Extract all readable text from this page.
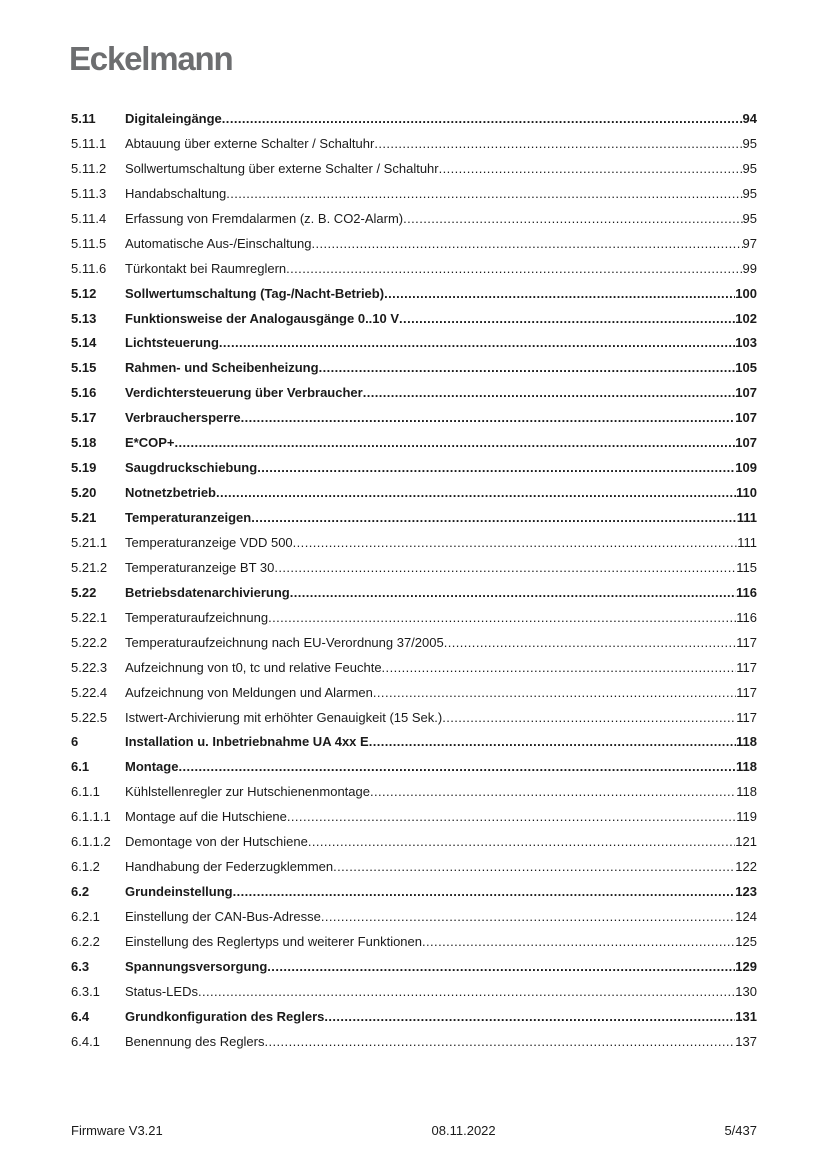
Eckelmann
5.11	Digitaleingänge .....	94
5.11.1	Abtauung über externe Schalter / Schaltuhr .....	95
5.11.2	Sollwertumschaltung über externe Schalter / Schaltuhr .....	95
5.11.3	Handabschaltung .....	95
5.11.4	Erfassung von Fremdalarmen (z. B. CO2-Alarm) .....	95
5.11.5	Automatische Aus-/Einschaltung .....	97
5.11.6	Türkontakt bei Raumreglern .....	99
5.12	Sollwertumschaltung (Tag-/Nacht-Betrieb) .....	100
5.13	Funktionsweise der Analogausgänge 0..10 V .....	102
5.14	Lichtsteuerung .....	103
5.15	Rahmen- und Scheibenheizung .....	105
5.16	Verdichtersteuerung über Verbraucher .....	107
5.17	Verbrauchersperre .....	107
5.18	E*COP+ .....	107
5.19	Saugdruckschiebung .....	109
5.20	Notnetzbetrieb .....	110
5.21	Temperaturanzeigen .....	111
5.21.1	Temperaturanzeige VDD 500 .....	111
5.21.2	Temperaturanzeige BT 30 .....	115
5.22	Betriebsdatenarchivierung .....	116
5.22.1	Temperaturaufzeichnung .....	116
5.22.2	Temperaturaufzeichnung nach EU-Verordnung 37/2005 .....	117
5.22.3	Aufzeichnung von t0, tc und relative Feuchte .....	117
5.22.4	Aufzeichnung von Meldungen und Alarmen .....	117
5.22.5	Istwert-Archivierung mit erhöhter Genauigkeit (15 Sek.) .....	117
6	Installation u. Inbetriebnahme UA 4xx E .....	118
6.1	Montage .....	118
6.1.1	Kühlstellenregler zur Hutschienenmontage .....	118
6.1.1.1	Montage auf die Hutschiene .....	119
6.1.1.2	Demontage von der Hutschiene .....	121
6.1.2	Handhabung der Federzugklemmen .....	122
6.2	Grundeinstellung .....	123
6.2.1	Einstellung der CAN-Bus-Adresse .....	124
6.2.2	Einstellung des Reglertyps und weiterer Funktionen .....	125
6.3	Spannungsversorgung .....	129
6.3.1	Status-LEDs .....	130
6.4	Grundkonfiguration des Reglers .....	131
6.4.1	Benennung des Reglers .....	137
Firmware V3.21	08.11.2022	5/437
